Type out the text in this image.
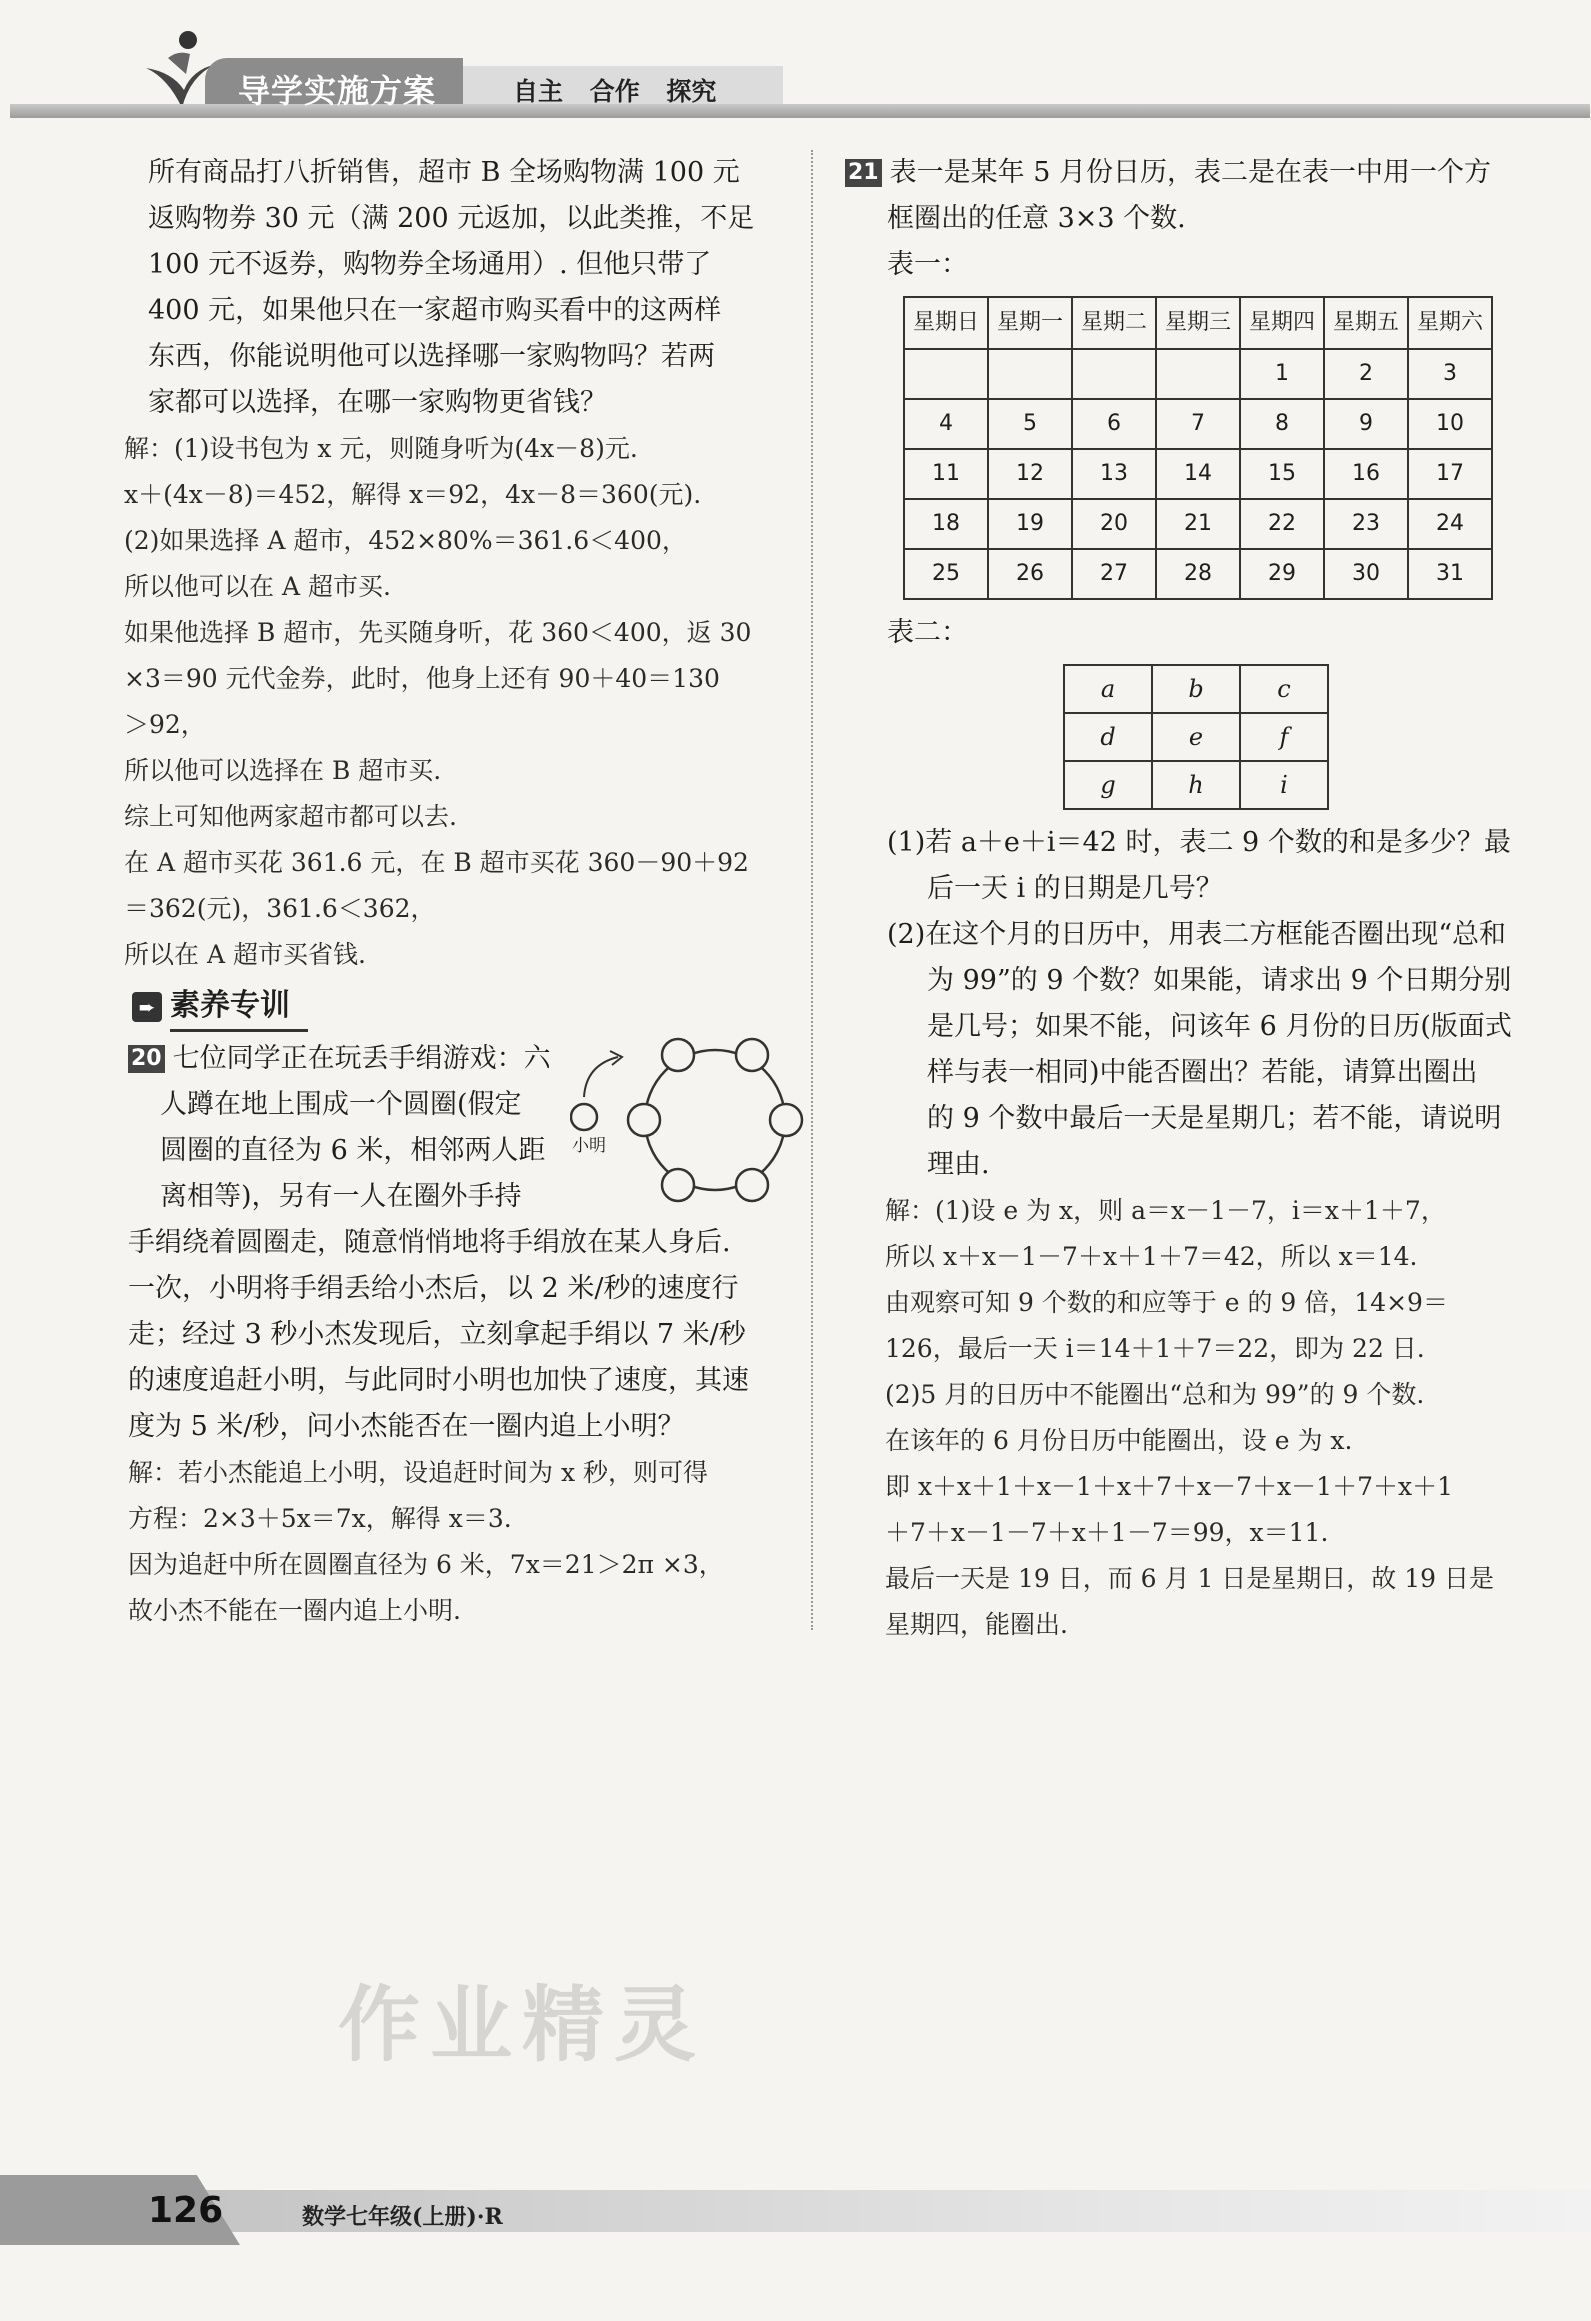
导学实施方案	自主 合作 探究
所有商品打八折销售，超市 B 全场购物满 100 元
返购物券 30 元（满 200 元返加，以此类推，不足
100 元不返券，购物券全场通用）. 但他只带了
400 元，如果他只在一家超市购买看中的这两样
东西，你能说明他可以选择哪一家购物吗？若两
家都可以选择，在哪一家购物更省钱？
解：(1)设书包为 x 元，则随身听为(4x－8)元.
x＋(4x－8)＝452，解得 x＝92，4x－8＝360(元).
(2)如果选择 A 超市，452×80%＝361.6＜400，
所以他可以在 A 超市买.
如果他选择 B 超市，先买随身听，花 360＜400，返 30
×3＝90 元代金券，此时，他身上还有 90＋40＝130
＞92，
所以他可以选择在 B 超市买.
综上可知他两家超市都可以去.
在 A 超市买花 361.6 元，在 B 超市买花 360－90＋92
＝362(元)，361.6＜362，
所以在 A 超市买省钱.
➨ 素养专训
20 七位同学正在玩丢手绢游戏：六
人蹲在地上围成一个圆圈(假定
圆圈的直径为 6 米，相邻两人距
离相等)，另有一人在圈外手持
手绢绕着圆圈走，随意悄悄地将手绢放在某人身后.
一次，小明将手绢丢给小杰后，以 2 米/秒的速度行
走；经过 3 秒小杰发现后，立刻拿起手绢以 7 米/秒
的速度追赶小明，与此同时小明也加快了速度，其速
度为 5 米/秒，问小杰能否在一圈内追上小明？
解：若小杰能追上小明，设追赶时间为 x 秒，则可得
方程：2×3＋5x＝7x，解得 x＝3.
因为追赶中所在圆圈直径为 6 米，7x＝21＞2π ×3，
故小杰不能在一圈内追上小明.
小明
21 表一是某年 5 月份日历，表二是在表一中用一个方
框圈出的任意 3×3 个数.
表一：
星期日	星期一	星期二	星期三	星期四	星期五	星期六
				1	2	3
4	5	6	7	8	9	10
11	12	13	14	15	16	17
18	19	20	21	22	23	24
25	26	27	28	29	30	31
表二：
a	b	c
d	e	f
g	h	i
(1)若 a＋e＋i＝42 时，表二 9 个数的和是多少？最
后一天 i 的日期是几号？
(2)在这个月的日历中，用表二方框能否圈出现“总和
为 99”的 9 个数？如果能，请求出 9 个日期分别
是几号；如果不能，问该年 6 月份的日历(版面式
样与表一相同)中能否圈出？若能，请算出圈出
的 9 个数中最后一天是星期几；若不能，请说明
理由.
解：(1)设 e 为 x，则 a＝x－1－7，i＝x＋1＋7，
所以 x＋x－1－7＋x＋1＋7＝42，所以 x＝14.
由观察可知 9 个数的和应等于 e 的 9 倍，14×9＝
126，最后一天 i＝14＋1＋7＝22，即为 22 日.
(2)5 月的日历中不能圈出“总和为 99”的 9 个数.
在该年的 6 月份日历中能圈出，设 e 为 x.
即 x＋x＋1＋x－1＋x＋7＋x－7＋x－1＋7＋x＋1
＋7＋x－1－7＋x＋1－7＝99，x＝11.
最后一天是 19 日，而 6 月 1 日是星期日，故 19 日是
星期四，能圈出.
作业精灵
126	数学七年级(上册)·R
